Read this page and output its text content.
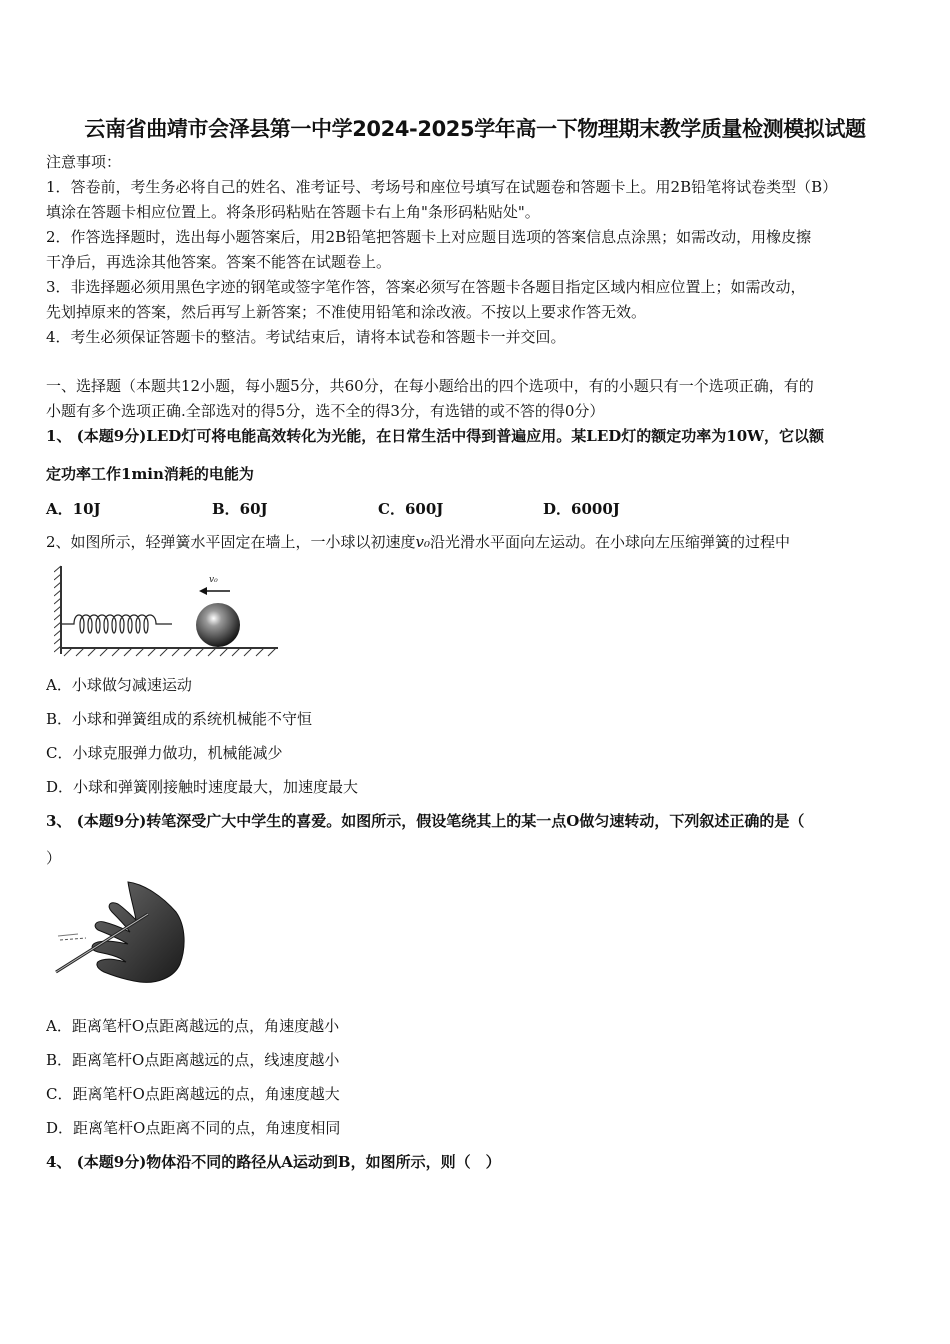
云南省曲靖市会泽县第一中学2024-2025学年高一下物理期末教学质量检测模拟试题
注意事项：
1．答卷前，考生务必将自己的姓名、准考证号、考场号和座位号填写在试题卷和答题卡上。用2B铅笔将试卷类型（B）
填涂在答题卡相应位置上。将条形码粘贴在答题卡右上角"条形码粘贴处"。
2．作答选择题时，选出每小题答案后，用2B铅笔把答题卡上对应题目选项的答案信息点涂黑；如需改动，用橡皮擦
干净后，再选涂其他答案。答案不能答在试题卷上。
3．非选择题必须用黑色字迹的钢笔或签字笔作答，答案必须写在答题卡各题目指定区域内相应位置上；如需改动，
先划掉原来的答案，然后再写上新答案；不准使用铅笔和涂改液。不按以上要求作答无效。
4．考生必须保证答题卡的整洁。考试结束后，请将本试卷和答题卡一并交回。
一、选择题（本题共12小题，每小题5分，共60分，在每小题给出的四个选项中，有的小题只有一个选项正确，有的
小题有多个选项正确.全部选对的得5分，选不全的得3分，有选错的或不答的得0分）
1、 (本题9分)LED灯可将电能高效转化为光能，在日常生活中得到普遍应用。某LED灯的额定功率为10W，它以额
定功率工作1min消耗的电能为
A．10J	B．60J	C．600J	D．6000J
2、如图所示，轻弹簧水平固定在墙上，一小球以初速度v₀沿光滑水平面向左运动。在小球向左压缩弹簧的过程中
v₀
A．小球做匀减速运动
B．小球和弹簧组成的系统机械能不守恒
C．小球克服弹力做功，机械能减少
D．小球和弹簧刚接触时速度最大，加速度最大
3、 (本题9分)转笔深受广大中学生的喜爱。如图所示，假设笔绕其上的某一点O做匀速转动，下列叙述正确的是（
）
A．距离笔杆O点距离越远的点，角速度越小
B．距离笔杆O点距离越远的点，线速度越小
C．距离笔杆O点距离越远的点，角速度越大
D．距离笔杆O点距离不同的点，角速度相同
4、 (本题9分)物体沿不同的路径从A运动到B，如图所示，则（　）
